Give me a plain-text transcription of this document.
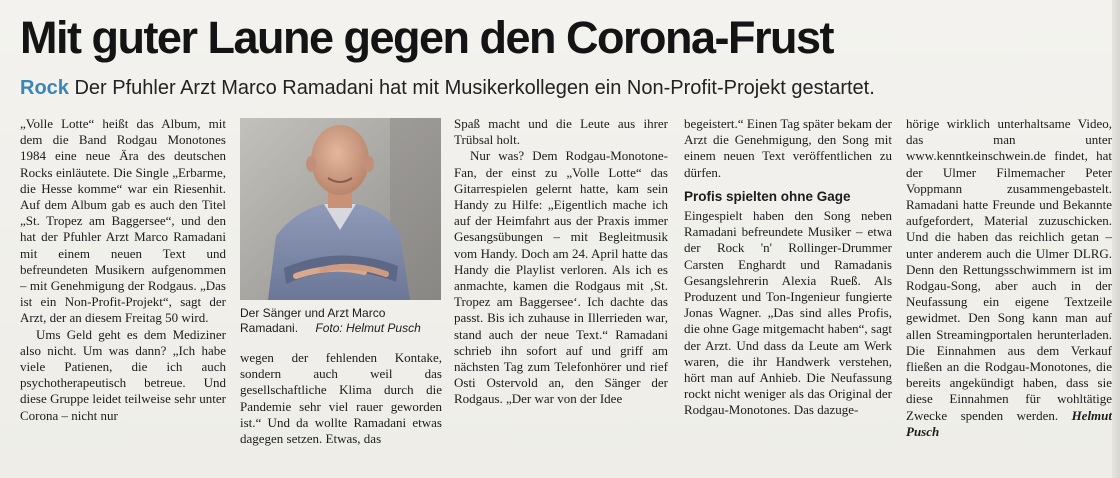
Mit guter Laune gegen den Corona-Frust
Rock Der Pfuhler Arzt Marco Ramadani hat mit Musikerkollegen ein Non-Profit-Projekt gestartet.

„Volle Lotte“ heißt das Album, mit dem die Band Rodgau Monotones 1984 eine neue Ära des deutschen Rocks einläutete. Die Single „Erbarme, die Hesse komme“ war ein Riesenhit. Auf dem Album gab es auch den Titel „St. Tropez am Baggersee“, und den hat der Pfuhler Arzt Marco Ramadani mit einem neuen Text und befreundeten Musikern aufgenommen – mit Genehmigung der Rodgaus. „Das ist ein Non-Profit-Projekt“, sagt der Arzt, der an diesem Freitag 50 wird.

Ums Geld geht es dem Mediziner also nicht. Um was dann? „Ich habe viele Patienen, die ich auch psychotherapeutisch betreue. Und diese Gruppe leidet teilweise sehr unter Corona – nicht nur

Der Sänger und Arzt Marco Ramadani. Foto: Helmut Pusch

wegen der fehlenden Kontake, sondern auch weil das gesellschaftliche Klima durch die Pandemie sehr viel rauer geworden ist.“ Und da wollte Ramadani etwas dagegen setzen. Etwas, das

Spaß macht und die Leute aus ihrer Trübsal holt.

Nur was? Dem Rodgau-Monotone-Fan, der einst zu „Volle Lotte“ das Gitarrespielen gelernt hatte, kam sein Handy zu Hilfe: „Eigentlich mache ich auf der Heimfahrt aus der Praxis immer Gesangsübungen – mit Begleitmusik vom Handy. Doch am 24. April hatte das Handy die Playlist verloren. Als ich es anmachte, kamen die Rodgaus mit ‚St. Tropez am Baggersee‘. Ich dachte das passt. Bis ich zuhause in Illerrieden war, stand auch der neue Text.“ Ramadani schrieb ihn sofort auf und griff am nächsten Tag zum Telefonhörer und rief Osti Ostervold an, den Sänger der Rodgaus. „Der war von der Idee

begeistert.“ Einen Tag später bekam der Arzt die Genehmigung, den Song mit einem neuen Text veröffentlichen zu dürfen.

Profis spielten ohne Gage

Eingespielt haben den Song neben Ramadani befreundete Musiker – etwa der Rock 'n' Rollinger-Drummer Carsten Enghardt und Ramadanis Gesangslehrerin Alexia Rueß. Als Produzent und Ton-Ingenieur fungierte Jonas Wagner. „Das sind alles Profis, die ohne Gage mitgemacht haben“, sagt der Arzt. Und dass da Leute am Werk waren, die ihr Handwerk verstehen, hört man auf Anhieb. Die Neufassung rockt nicht weniger als das Original der Rodgau-Monotones. Das dazuge-

hörige wirklich unterhaltsame Video, das man unter www.kenntkeinschwein.de findet, hat der Ulmer Filmemacher Peter Voppmann zusammengebastelt. Ramadani hatte Freunde und Bekannte aufgefordert, Material zuzuschicken. Und die haben das reichlich getan – unter anderem auch die Ulmer DLRG. Denn den Rettungsschwimmern ist im Rodgau-Song, aber auch in der Neufassung ein eigene Textzeile gewidmet. Den Song kann man auf allen Streamingportalen herunterladen. Die Einnahmen aus dem Verkauf fließen an die Rodgau-Monotones, die bereits angekündigt haben, dass sie diese Einnahmen für wohltätige Zwecke spenden werden. Helmut Pusch
